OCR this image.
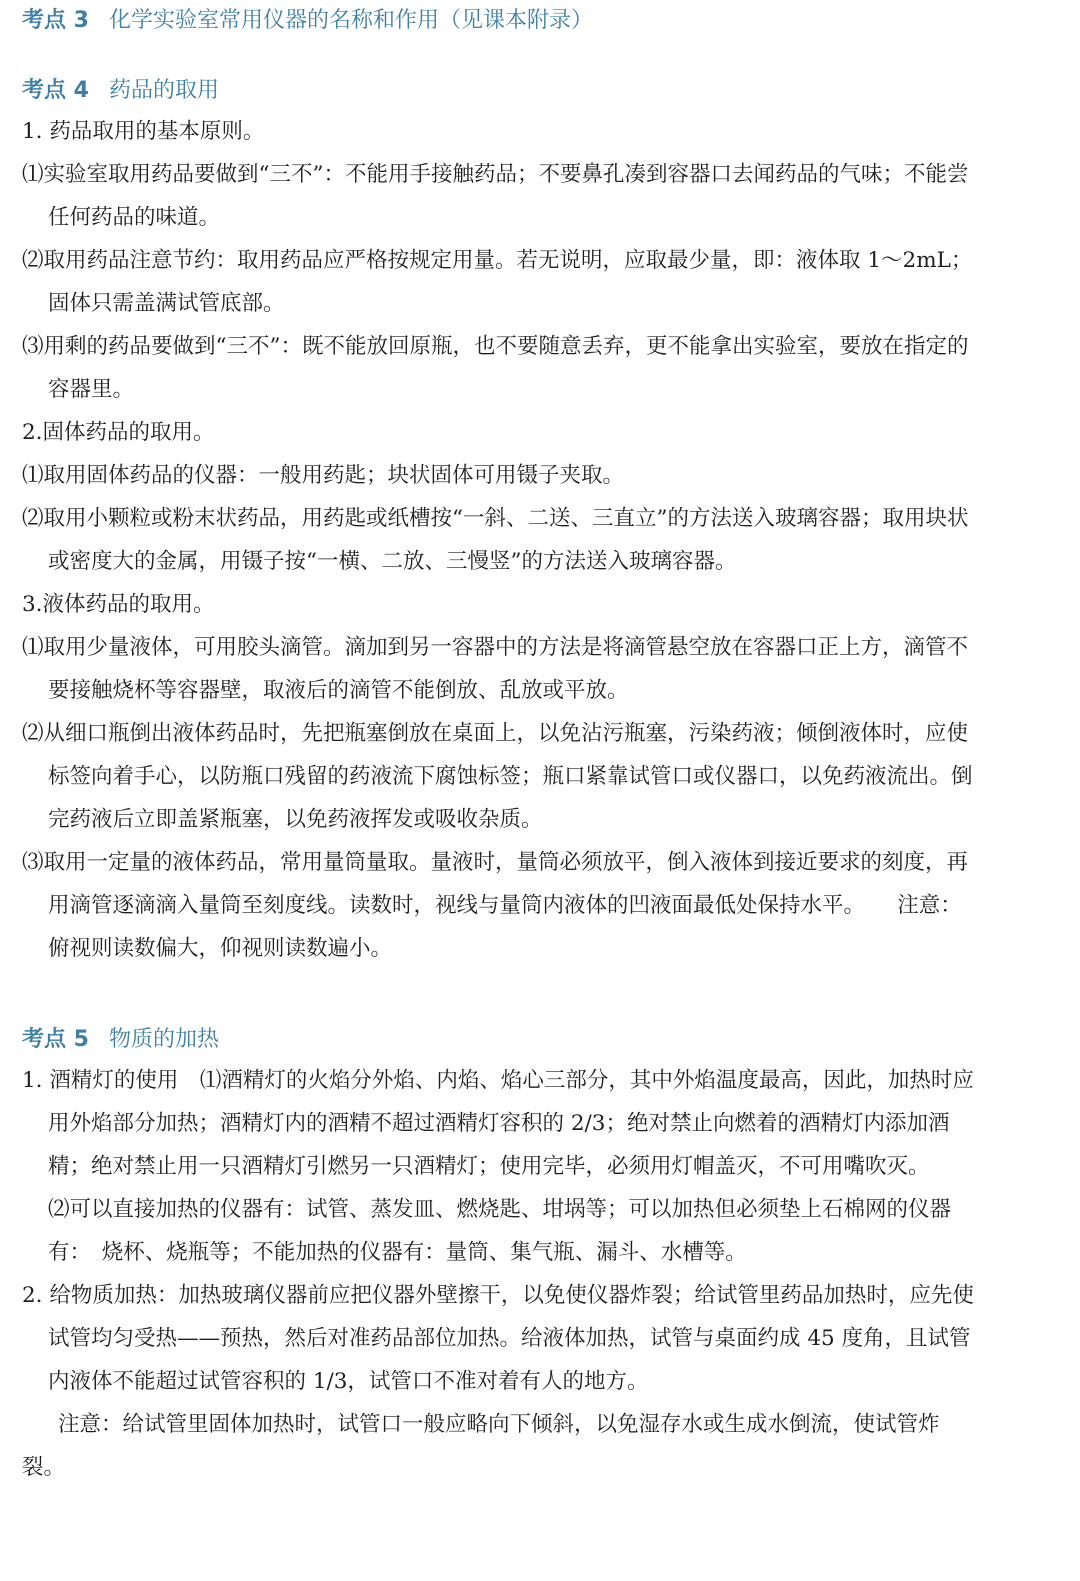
考点 3 化学实验室常用仪器的名称和作用（见课本附录）
考点 4 药品的取用

1. 药品取用的基本原则。

⑴实验室取用药品要做到“三不”：不能用手接触药品；不要鼻孔凑到容器口去闻药品的气味；不能尝任何药品的味道。

⑵取用药品注意节约：取用药品应严格按规定用量。若无说明，应取最少量，即：液体取 1～2mL；固体只需盖满试管底部。

⑶用剩的药品要做到“三不”：既不能放回原瓶，也不要随意丢弃，更不能拿出实验室，要放在指定的容器里。

2.固体药品的取用。

⑴取用固体药品的仪器：一般用药匙；块状固体可用镊子夹取。

⑵取用小颗粒或粉末状药品，用药匙或纸槽按“一斜、二送、三直立”的方法送入玻璃容器；取用块状或密度大的金属，用镊子按“一横、二放、三慢竖”的方法送入玻璃容器。

3.液体药品的取用。

⑴取用少量液体，可用胶头滴管。滴加到另一容器中的方法是将滴管悬空放在容器口正上方，滴管不要接触烧杯等容器壁，取液后的滴管不能倒放、乱放或平放。

⑵从细口瓶倒出液体药品时，先把瓶塞倒放在桌面上，以免沾污瓶塞，污染药液；倾倒液体时，应使标签向着手心，以防瓶口残留的药液流下腐蚀标签；瓶口紧靠试管口或仪器口，以免药液流出。倒完药液后立即盖紧瓶塞，以免药液挥发或吸收杂质。

⑶取用一定量的液体药品，常用量筒量取。量液时，量筒必须放平，倒入液体到接近要求的刻度，再用滴管逐滴滴入量筒至刻度线。读数时，视线与量筒内液体的凹液面最低处保持水平。　　注意：俯视则读数偏大，仰视则读数遍小。

考点 5 物质的加热

1. 酒精灯的使用　⑴酒精灯的火焰分外焰、内焰、焰心三部分，其中外焰温度最高，因此，加热时应用外焰部分加热；酒精灯内的酒精不超过酒精灯容积的 2/3；绝对禁止向燃着的酒精灯内添加酒精；绝对禁止用一只酒精灯引燃另一只酒精灯；使用完毕，必须用灯帽盖灭，不可用嘴吹灭。　　　⑵可以直接加热的仪器有：试管、蒸发皿、燃烧匙、坩埚等；可以加热但必须垫上石棉网的仪器有：　烧杯、烧瓶等；不能加热的仪器有：量筒、集气瓶、漏斗、水槽等。

2. 给物质加热：加热玻璃仪器前应把仪器外壁擦干，以免使仪器炸裂；给试管里药品加热时，应先使试管均匀受热——预热，然后对准药品部位加热。给液体加热，试管与桌面约成 45 度角，且试管内液体不能超过试管容积的 1/3，试管口不准对着有人的地方。

注意：给试管里固体加热时，试管口一般应略向下倾斜，以免湿存水或生成水倒流，使试管炸裂。
